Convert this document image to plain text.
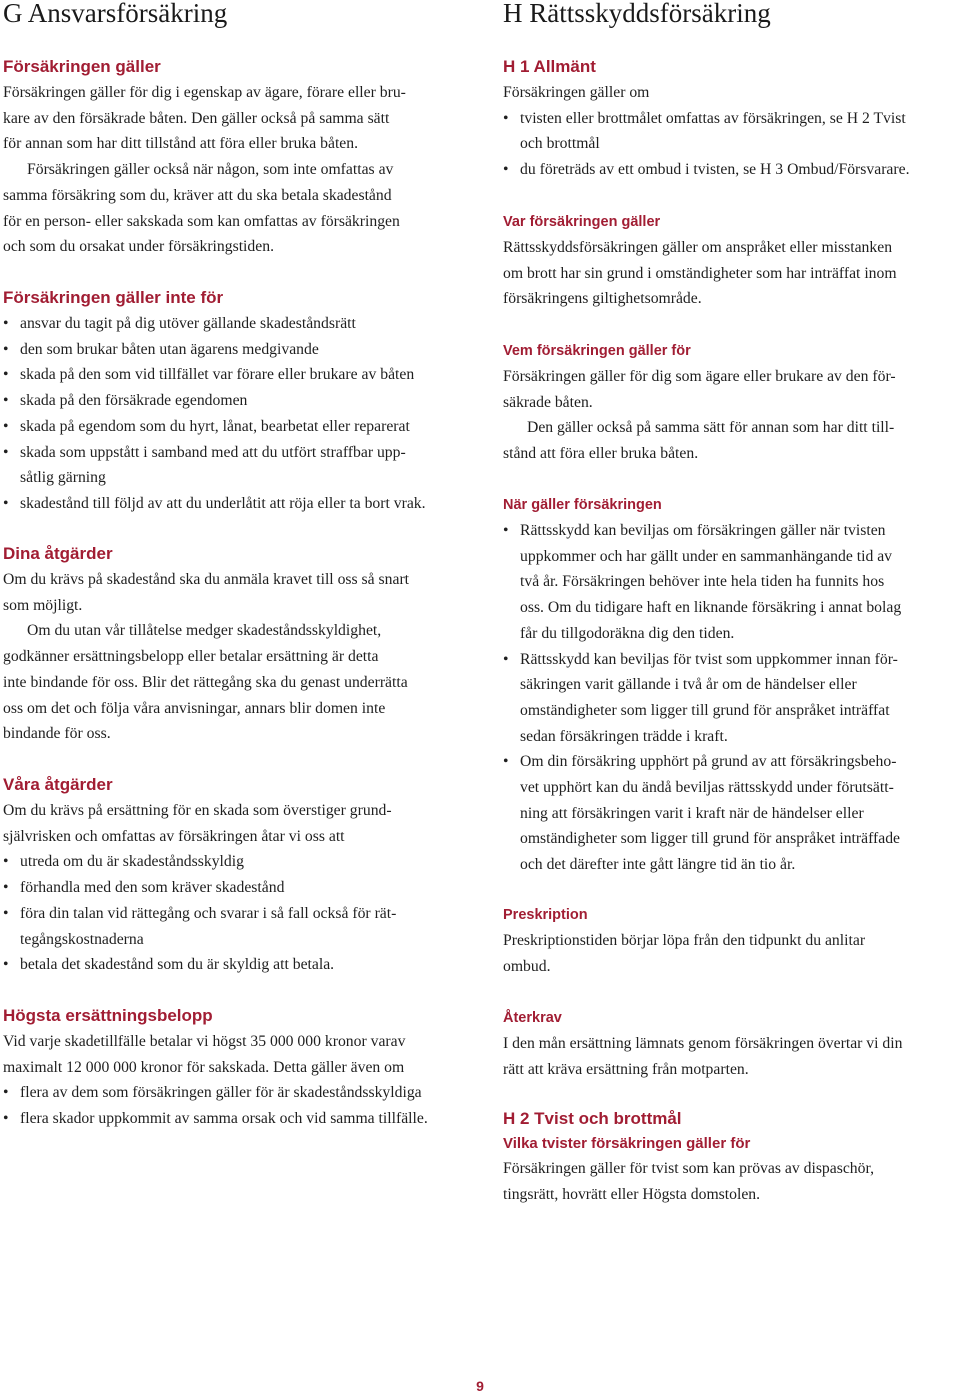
G Ansvarsförsäkring
Försäkringen gäller

Försäkringen gäller för dig i egenskap av ägare, förare eller bru-
kare av den försäkrade båten. Den gäller också på samma sätt
för annan som har ditt tillstånd att föra eller bruka båten.

Försäkringen gäller också när någon, som inte omfattas av
samma försäkring som du, kräver att du ska betala skadestånd
för en person- eller sakskada som kan omfattas av försäkringen
och som du orsakat under försäkringstiden.

Försäkringen gäller inte för
• ansvar du tagit på dig utöver gällande skadeståndsrätt
• den som brukar båten utan ägarens medgivande
• skada på den som vid tillfället var förare eller brukare av båten
• skada på den försäkrade egendomen
• skada på egendom som du hyrt, lånat, bearbetat eller reparerat
• skada som uppstått i samband med att du utfört straffbar upp-
såtlig gärning
• skadestånd till följd av att du underlåtit att röja eller ta bort vrak.
Dina åtgärder

Om du krävs på skadestånd ska du anmäla kravet till oss så snart
som möjligt.

Om du utan vår tillåtelse medger skadeståndsskyldighet,
godkänner ersättningsbelopp eller betalar ersättning är detta
inte bindande för oss. Blir det rättegång ska du genast underrätta
oss om det och följa våra anvisningar, annars blir domen inte
bindande för oss.

Våra åtgärder

Om du krävs på ersättning för en skada som överstiger grund-
självrisken och omfattas av försäkringen åtar vi oss att

• utreda om du är skadeståndsskyldig
• förhandla med den som kräver skadestånd
• föra din talan vid rättegång och svarar i så fall också för rät-
tegångskostnaderna
• betala det skadestånd som du är skyldig att betala.
Högsta ersättningsbelopp

Vid varje skadetillfälle betalar vi högst 35 000 000 kronor varav
maximalt 12 000 000 kronor för sakskada. Detta gäller även om

• flera av dem som försäkringen gäller för är skadeståndsskyldiga
• flera skador uppkommit av samma orsak och vid samma tillfälle.
H Rättsskyddsförsäkring
H 1 Allmänt

Försäkringen gäller om

• tvisten eller brottmålet omfattas av försäkringen, se H 2 Tvist
och brottmål
• du företräds av ett ombud i tvisten, se H 3 Ombud/Försvarare.
Var försäkringen gäller

Rättsskyddsförsäkringen gäller om anspråket eller misstanken
om brott har sin grund i omständigheter som har inträffat inom
försäkringens giltighetsområde.

Vem försäkringen gäller för

Försäkringen gäller för dig som ägare eller brukare av den för-
säkrade båten.

Den gäller också på samma sätt för annan som har ditt till-
stånd att föra eller bruka båten.

När gäller försäkringen
• Rättsskydd kan beviljas om försäkringen gäller när tvisten
uppkommer och har gällt under en sammanhängande tid av
två år. Försäkringen behöver inte hela tiden ha funnits hos
oss. Om du tidigare haft en liknande försäkring i annat bolag
får du tillgodoräkna dig den tiden.
• Rättsskydd kan beviljas för tvist som uppkommer innan för-
säkringen varit gällande i två år om de händelser eller
omständigheter som ligger till grund för anspråket inträffat
sedan försäkringen trädde i kraft.
• Om din försäkring upphört på grund av att försäkringsbeho-
vet upphört kan du ändå beviljas rättsskydd under förutsätt-
ning att försäkringen varit i kraft när de händelser eller
omständigheter som ligger till grund för anspråket inträffade
och det därefter inte gått längre tid än tio år.
Preskription

Preskriptionstiden börjar löpa från den tidpunkt du anlitar
ombud.

Återkrav

I den mån ersättning lämnats genom försäkringen övertar vi din
rätt att kräva ersättning från motparten.

H 2 Tvist och brottmål
Vilka tvister försäkringen gäller för

Försäkringen gäller för tvist som kan prövas av dispaschör,
tingsrätt, hovrätt eller Högsta domstolen.

9
